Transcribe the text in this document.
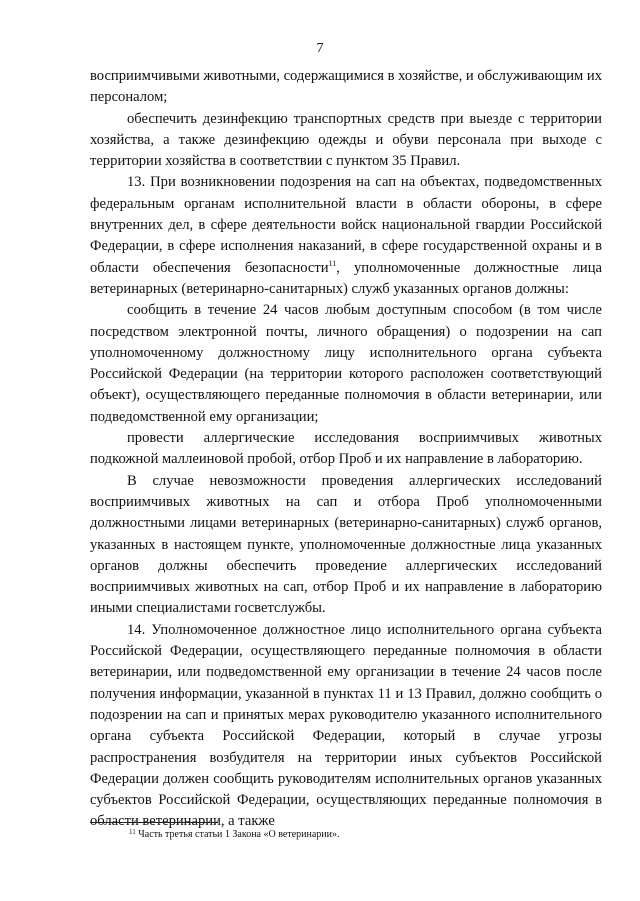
7

восприимчивыми животными, содержащимися в хозяйстве, и обслуживающим их персоналом;

обеспечить дезинфекцию транспортных средств при выезде с территории хозяйства, а также дезинфекцию одежды и обуви персонала при выходе с территории хозяйства в соответствии с пунктом 35 Правил.

13. При возникновении подозрения на сап на объектах, подведомственных федеральным органам исполнительной власти в области обороны, в сфере внутренних дел, в сфере деятельности войск национальной гвардии Российской Федерации, в сфере исполнения наказаний, в сфере государственной охраны и в области обеспечения безопасности$^{11}$, уполномоченные должностные лица ветеринарных (ветеринарно-санитарных) служб указанных органов должны:

сообщить в течение 24 часов любым доступным способом (в том числе посредством электронной почты, личного обращения) о подозрении на сап уполномоченному должностному лицу исполнительного органа субъекта Российской Федерации (на территории которого расположен соответствующий объект), осуществляющего переданные полномочия в области ветеринарии, или подведомственной ему организации;

провести аллергические исследования восприимчивых животных подкожной маллеиновой пробой, отбор Проб и их направление в лабораторию.

В случае невозможности проведения аллергических исследований восприимчивых животных на сап и отбора Проб уполномоченными должностными лицами ветеринарных (ветеринарно-санитарных) служб органов, указанных в настоящем пункте, уполномоченные должностные лица указанных органов должны обеспечить проведение аллергических исследований восприимчивых животных на сап, отбор Проб и их направление в лабораторию иными специалистами госветслужбы.

14. Уполномоченное должностное лицо исполнительного органа субъекта Российской Федерации, осуществляющего переданные полномочия в области ветеринарии, или подведомственной ему организации в течение 24 часов после получения информации, указанной в пунктах 11 и 13 Правил, должно сообщить о подозрении на сап и принятых мерах руководителю указанного исполнительного органа субъекта Российской Федерации, который в случае угрозы распространения возбудителя на территории иных субъектов Российской Федерации должен сообщить руководителям исполнительных органов указанных субъектов Российской Федерации, осуществляющих переданные полномочия в области ветеринарии, а также

$^{11}$ Часть третья статьи 1 Закона «О ветеринарии».
